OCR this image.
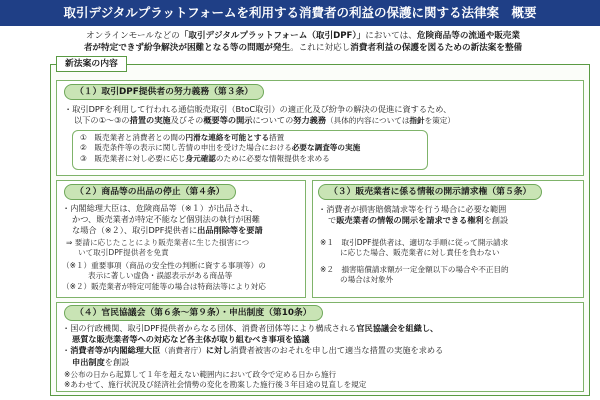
取引デジタルプラットフォームを利用する消費者の利益の保護に関する法律案　概要
オンラインモールなどの「取引デジタルプラットフォーム（取引DPF）」においては、危険商品等の流通や販売業
者が特定できず紛争解決が困難となる等の問題が発生。これに対応し消費者利益の保護を図るための新法案を整備
新法案の内容
（１）取引DPF提供者の努力義務（第３条）
・ 取引DPFを利用して行われる通信販売取引（BtoC取引）の適正化及び紛争の解決の促進に資するため、
以下の①～③の措置の実施及びその概要等の開示についての努力義務（具体的内容については指針を策定）
①　 販売業者と消費者との間の円滑な連絡を可能とする措置
②　 販売条件等の表示に関し苦情の申出を受けた場合における必要な調査等の実施
③　 販売業者に対し必要に応じ身元確認のために必要な情報提供を求める
（２）商品等の出品の停止（第４条）
・ 内閣総理大臣は、危険商品等（※１）が出品され、
かつ、販売業者が特定不能など個別法の執行が困難
な場合（※２）、取引DPF提供者に出品削除等を要請
⇒ 要請に応じたことにより販売業者に生じた損害につ
いて取引DPF提供者を免責
（※１）重要事項（商品の安全性の判断に資する事項等）の
表示に著しい虚偽・誤認表示がある商品等
（※２）販売業者が特定可能等の場合は特商法等により対応
（３）販売業者に係る情報の開示請求権（第５条）
・ 消費者が損害賠償請求等を行う場合に必要な範囲
で販売業者の情報の開示を請求できる権利を創設
※１　取引DPF提供者は、適切な手順に従って開示請求
に応じた場合、販売業者に対し責任を負わない
※２　損害賠償請求額が一定金額以下の場合や不正目的
の場合は対象外
（４）官民協議会（第６条～第９条）・申出制度（第10条）
・ 国の行政機関、取引DPF提供者からなる団体、消費者団体等により構成される官民協議会を組織し、
悪質な販売業者等への対応など各主体が取り組むべき事項を協議
・ 消費者等が内閣総理大臣（消費者庁）に対し消費者被害のおそれを申し出て適当な措置の実施を求める
申出制度を創設
※公布の日から起算して１年を超えない範囲内において政令で定める日から施行
※あわせて、施行状況及び経済社会情勢の変化を勘案した施行後３年目途の見直しを規定
